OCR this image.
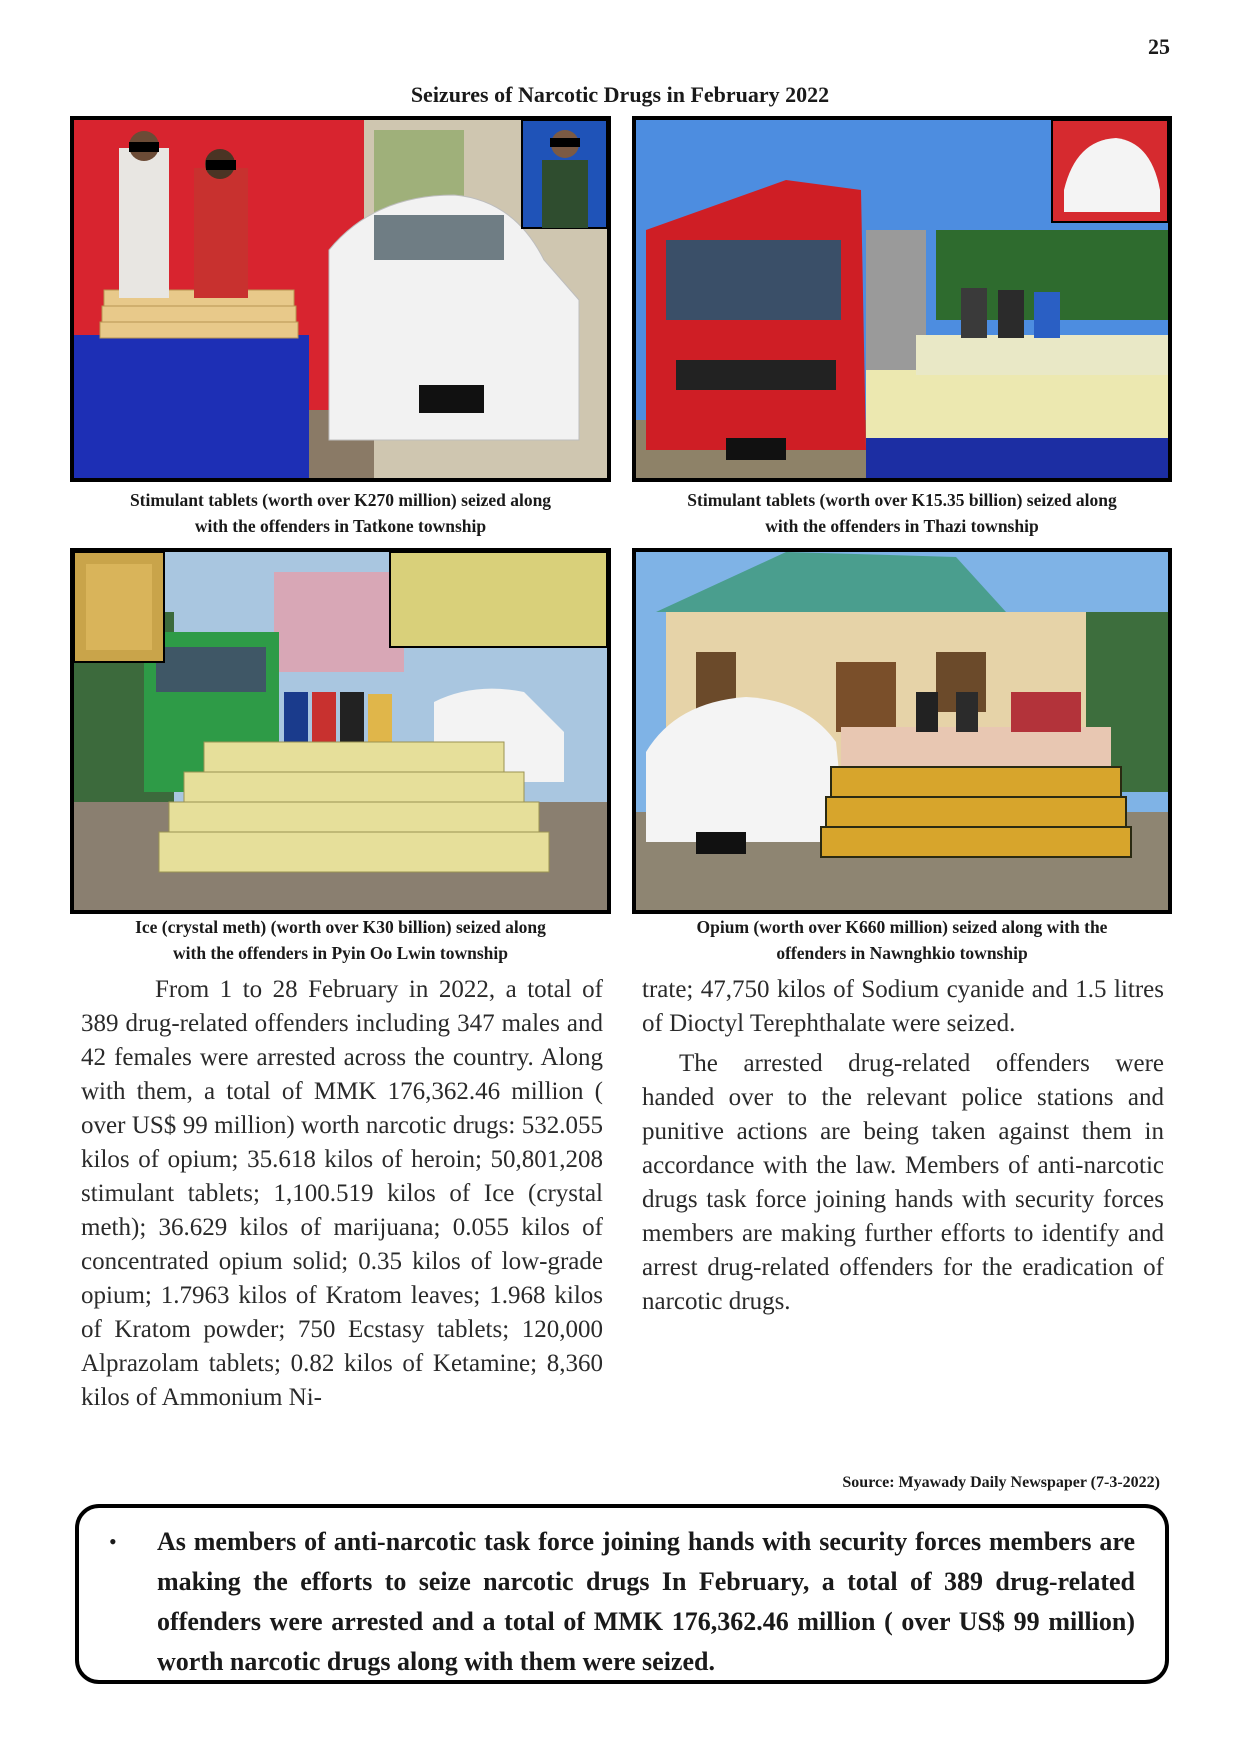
25
Seizures of Narcotic Drugs in February 2022
Stimulant tablets (worth over K270 million) seized along
with the offenders in Tatkone township
Stimulant tablets (worth over K15.35 billion) seized along
with the offenders in Thazi township
Ice (crystal meth) (worth over K30 billion) seized along
with the offenders in Pyin Oo Lwin township
Opium (worth over K660 million) seized along with the
offenders in Nawnghkio township

From 1 to 28 February in 2022, a total of 389 drug-related offenders including 347 males and 42 females were arrested across the country. Along with them, a total of MMK 176,362.46 million ( over US$ 99 million) worth narcotic drugs: 532.055 kilos of opium; 35.618 kilos of heroin; 50,801,208 stimulant tablets; 1,100.519 kilos of Ice (crystal meth); 36.629 kilos of marijuana; 0.055 kilos of concentrated opium solid; 0.35 kilos of low-grade opium; 1.7963 kilos of Kratom leaves; 1.968 kilos of Kratom powder; 750 Ecstasy tablets; 120,000 Alprazolam tablets; 0.82 kilos of Ketamine; 8,360 kilos of Ammonium Ni-

trate; 47,750 kilos of Sodium cyanide and 1.5 litres of Dioctyl Terephthalate were seized.

The arrested drug-related offenders were handed over to the relevant police stations and punitive actions are being taken against them in accordance with the law. Members of anti-narcotic drugs task force joining hands with security forces members are making further efforts to identify and arrest drug-related offenders for the eradication of narcotic drugs.

Source: Myawady Daily Newspaper (7-3-2022)
•	As members of anti-narcotic task force joining hands with security forces members are making the efforts to seize narcotic drugs In February, a total of 389 drug-related offenders were arrested and a total of MMK 176,362.46 million ( over US$ 99 million) worth narcotic drugs along with them were seized.
